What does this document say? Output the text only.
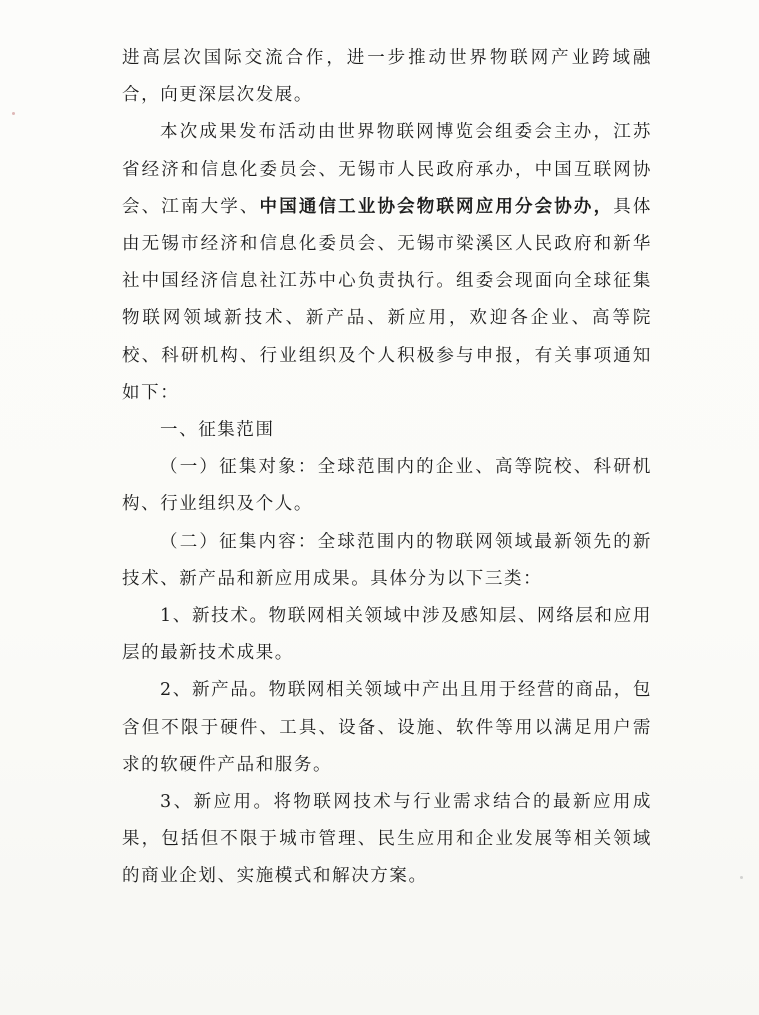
进高层次国际交流合作，进一步推动世界物联网产业跨域融合，向更深层次发展。

本次成果发布活动由世界物联网博览会组委会主办，江苏省经济和信息化委员会、无锡市人民政府承办，中国互联网协会、江南大学、中国通信工业协会物联网应用分会协办，具体由无锡市经济和信息化委员会、无锡市梁溪区人民政府和新华社中国经济信息社江苏中心负责执行。组委会现面向全球征集物联网领域新技术、新产品、新应用，欢迎各企业、高等院校、科研机构、行业组织及个人积极参与申报，有关事项通知如下：

一、征集范围

（一）征集对象：全球范围内的企业、高等院校、科研机构、行业组织及个人。

（二）征集内容：全球范围内的物联网领域最新领先的新技术、新产品和新应用成果。具体分为以下三类：

1、新技术。物联网相关领域中涉及感知层、网络层和应用层的最新技术成果。

2、新产品。物联网相关领域中产出且用于经营的商品，包含但不限于硬件、工具、设备、设施、软件等用以满足用户需求的软硬件产品和服务。

3、新应用。将物联网技术与行业需求结合的最新应用成果，包括但不限于城市管理、民生应用和企业发展等相关领域的商业企划、实施模式和解决方案。
